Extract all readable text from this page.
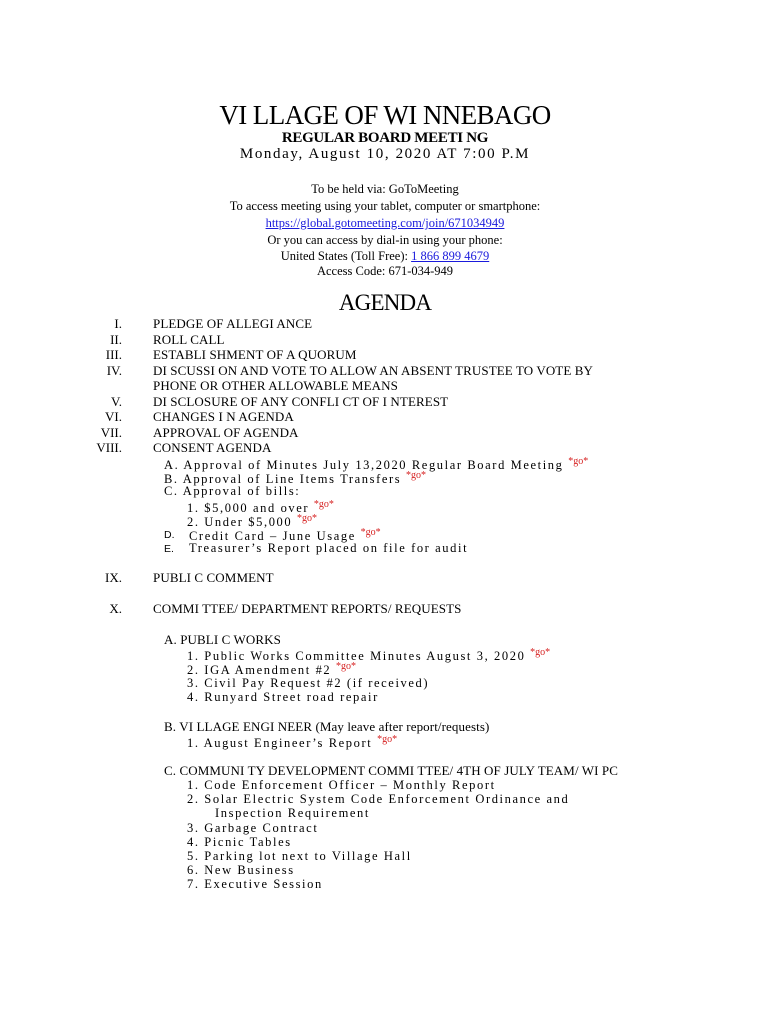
VI LLAGE OF WI NNEBAGO
REGULAR BOARD MEETI NG
Monday, August 10, 2020 AT 7:00 P.M
To be held via: GoToMeeting
To access meeting using your tablet, computer or smartphone:
https://global.gotomeeting.com/join/671034949
Or you can access by dial-in using your phone:
United States (Toll Free): 1 866 899 4679
Access Code: 671-034-949
AGENDA
I. PLEDGE OF ALLEGI ANCE
II. ROLL CALL
III. ESTABLI SHMENT OF A QUORUM
IV. DI SCUSSI ON AND VOTE TO ALLOW AN ABSENT TRUSTEE TO VOTE BY
PHONE OR OTHER ALLOWABLE MEANS
V. DI SCLOSURE OF ANY CONFLI CT OF I NTEREST
VI. CHANGES I N AGENDA
VII. APPROVAL OF AGENDA
VIII. CONSENT AGENDA
A. Approval of Minutes July 13,2020 Regular Board Meeting $^{*go*}$
B. Approval of Line Items Transfers $^{*go*}$
C. Approval of bills:
1. $5,000 and over $^{*go*}$
2. Under $5,000 $^{*go*}$
D. Credit Card – June Usage $^{*go*}$
E. Treasurer’s Report placed on file for audit
IX. PUBLI C COMMENT
X. COMMI TTEE/ DEPARTMENT REPORTS/ REQUESTS
A. PUBLI C WORKS
1. Public Works Committee Minutes August 3, 2020 $^{*go*}$
2. IGA Amendment #2 $^{*go*}$
3. Civil Pay Request #2 (if received)
4. Runyard Street road repair
B. VI LLAGE ENGI NEER (May leave after report/requests)
1. August Engineer’s Report $^{*go*}$
C. COMMUNI TY DEVELOPMENT COMMI TTEE/ 4TH OF JULY TEAM/ WI PC
1. Code Enforcement Officer – Monthly Report
2. Solar Electric System Code Enforcement Ordinance and
Inspection Requirement
3. Garbage Contract
4. Picnic Tables
5. Parking lot next to Village Hall
6. New Business
7. Executive Session
